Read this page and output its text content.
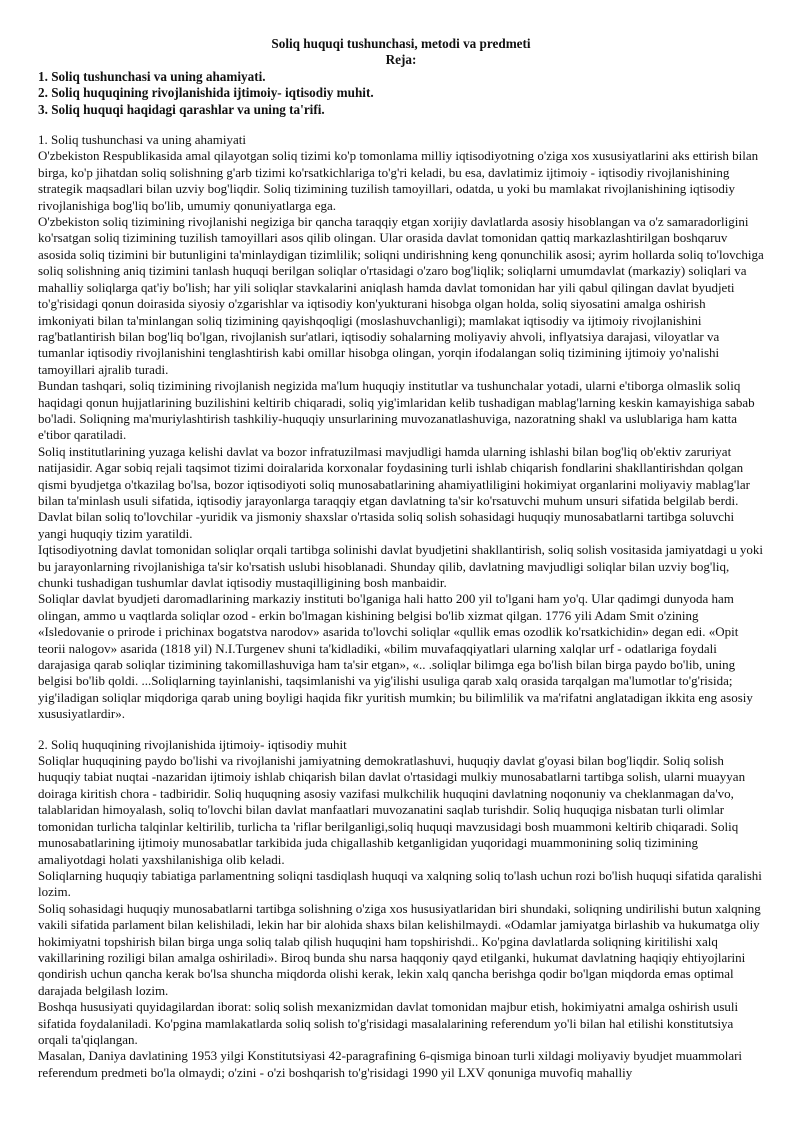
Soliq huquqi tushunchasi, metodi va predmeti

Reja:

1. Soliq tushunchasi va uning ahamiyati.

2. Soliq huquqining rivojlanishida ijtimoiy- iqtisodiy muhit.

3. Soliq huquqi haqidagi qarashlar va uning ta'rifi.

1. Soliq tushunchasi va uning ahamiyati

O'zbekiston Respublikasida amal qilayotgan soliq tizimi ko'p tomonlama milliy iqtisodiyotning o'ziga xos xususiyatlarini aks ettirish bilan birga, ko'p jihatdan soliq solishning g'arb tizimi ko'rsatkichlariga to'g'ri keladi, bu esa, davlatimiz ijtimoiy - iqtisodiy rivojlanishining strategik maqsadlari bilan uzviy bog'liqdir. Soliq tizimining tuzilish tamoyillari, odatda, u yoki bu mamlakat rivojlanishining iqtisodiy rivojlanishiga bog'liq bo'lib, umumiy qonuniyatlarga ega.

O'zbekiston soliq tizimining rivojlanishi negiziga bir qancha taraqqiy etgan xorijiy davlatlarda asosiy hisoblangan va o'z samaradorligini ko'rsatgan soliq tizimining tuzilish tamoyillari asos qilib olingan. Ular orasida davlat tomonidan qattiq markazlashtirilgan boshqaruv asosida soliq tizimini bir butunligini ta'minlaydigan tizimlilik; soliqni undirishning keng qonunchilik asosi; ayrim hollarda soliq to'lovchiga soliq solishning aniq tizimini tanlash huquqi berilgan soliqlar o'rtasidagi o'zaro bog'liqlik; soliqlarni umumdavlat (markaziy) soliqlari va mahalliy soliqlarga qat'iy bo'lish; har yili soliqlar stavkalarini aniqlash hamda davlat tomonidan har yili qabul qilingan davlat byudjeti to'g'risidagi qonun doirasida siyosiy o'zgarishlar va iqtisodiy kon'yukturani hisobga olgan holda, soliq siyosatini amalga oshirish imkoniyati bilan ta'minlangan soliq tizimining qayishqoqligi (moslashuvchanligi); mamlakat iqtisodiy va ijtimoiy rivojlanishini rag'batlantirish bilan bog'liq bo'lgan, rivojlanish sur'atlari, iqtisodiy sohalarning moliyaviy ahvoli, inflyatsiya darajasi, viloyatlar va tumanlar iqtisodiy rivojlanishini tenglashtirish kabi omillar hisobga olingan, yorqin ifodalangan soliq tizimining ijtimoiy yo'nalishi tamoyillari ajralib turadi.

Bundan tashqari, soliq tizimining rivojlanish negizida ma'lum huquqiy institutlar va tushunchalar yotadi, ularni e'tiborga olmaslik soliq haqidagi qonun hujjatlarining buzilishini keltirib chiqaradi, soliq yig'imlaridan kelib tushadigan mablag'larning keskin kamayishiga sabab bo'ladi. Soliqning ma'muriylashtirish tashkiliy-huquqiy unsurlarining muvozanatlashuviga, nazoratning shakl va uslublariga ham katta e'tibor qaratiladi.

Soliq institutlarining yuzaga kelishi davlat va bozor infratuzilmasi mavjudligi hamda ularning ishlashi bilan bog'liq ob'ektiv zaruriyat natijasidir. Agar sobiq rejali taqsimot tizimi doiralarida korxonalar foydasining turli ishlab chiqarish fondlarini shakllantirishdan qolgan qismi byudjetga o'tkazilag bo'lsa, bozor iqtisodiyoti soliq munosabatlarining ahamiyatliligini hokimiyat organlarini moliyaviy mablag'lar bilan ta'minlash usuli sifatida, iqtisodiy jarayonlarga taraqqiy etgan davlatning ta'sir ko'rsatuvchi muhum unsuri sifatida belgilab berdi. Davlat bilan soliq to'lovchilar -yuridik va jismoniy shaxslar o'rtasida soliq solish sohasidagi huquqiy munosabatlarni tartibga soluvchi yangi huquqiy tizim yaratildi.

Iqtisodiyotning davlat tomonidan soliqlar orqali tartibga solinishi davlat byudjetini shakllantirish, soliq solish vositasida jamiyatdagi u yoki bu jarayonlarning rivojlanishiga ta'sir ko'rsatish uslubi hisoblanadi. Shunday qilib, davlatning mavjudligi soliqlar bilan uzviy bog'liq, chunki tushadigan tushumlar davlat iqtisodiy mustaqilligining bosh manbaidir.

Soliqlar davlat byudjeti daromadlarining markaziy instituti bo'lganiga hali hatto 200 yil to'lgani ham yo'q. Ular qadimgi dunyoda ham olingan, ammo u vaqtlarda soliqlar ozod - erkin bo'lmagan kishining belgisi bo'lib xizmat qilgan. 1776 yili Adam Smit o'zining «Isledovanie o prirode i prichinax bogatstva narodov» asarida to'lovchi soliqlar «qullik emas ozodlik ko'rsatkichidin» degan edi. «Opit teorii nalogov» asarida (1818 yil) N.I.Turgenev shuni ta'kidladiki, «bilim muvafaqqiyatlari ularning xalqlar urf - odatlariga foydali darajasiga qarab soliqlar tizimining takomillashuviga ham ta'sir etgan», «.. .soliqlar bilimga ega bo'lish bilan birga paydo bo'lib, uning belgisi bo'lib qoldi. ...Soliqlarning tayinlanishi, taqsimlanishi va yig'ilishi usuliga qarab xalq orasida tarqalgan ma'lumotlar to'g'risida; yig'iladigan soliqlar miqdoriga qarab uning boyligi haqida fikr yuritish mumkin; bu bilimlilik va ma'rifatni anglatadigan ikkita eng asosiy xususiyatlardir».

2. Soliq huquqining rivojlanishida ijtimoiy- iqtisodiy muhit

Soliqlar huquqining paydo bo'lishi va rivojlanishi jamiyatning demokratlashuvi, huquqiy davlat g'oyasi bilan bog'liqdir. Soliq solish huquqiy tabiat nuqtai -nazaridan ijtimoiy ishlab chiqarish bilan davlat o'rtasidagi mulkiy munosabatlarni tartibga solish, ularni muayyan doiraga kiritish chora - tadbiridir. Soliq huquqning asosiy vazifasi mulkchilik huquqini davlatning noqonuniy va cheklanmagan da'vo, talablaridan himoyalash, soliq to'lovchi bilan davlat manfaatlari muvozanatini saqlab turishdir. Soliq huquqiga nisbatan turli olimlar tomonidan turlicha talqinlar keltirilib, turlicha ta 'riflar berilganligi,soliq huquqi mavzusidagi bosh muammoni keltirib chiqaradi. Soliq munosabatlarining ijtimoiy munosabatlar tarkibida juda chigallashib ketganligidan yuqoridagi muammonining soliq tizimining amaliyotdagi holati yaxshilanishiga olib keladi.

Soliqlarning huquqiy tabiatiga parlamentning soliqni tasdiqlash huquqi va xalqning soliq to'lash uchun rozi bo'lish huquqi sifatida qaralishi lozim.

Soliq sohasidagi huquqiy munosabatlarni tartibga solishning o'ziga xos hususiyatlaridan biri shundaki, soliqning undirilishi butun xalqning vakili sifatida parlament bilan kelishiladi, lekin har bir alohida shaxs bilan kelishilmaydi. «Odamlar jamiyatga birlashib va hukumatga oliy hokimiyatni topshirish bilan birga unga soliq talab qilish huquqini ham topshirishdi.. Ko'pgina davlatlarda soliqning kiritilishi xalq vakillarining roziligi bilan amalga oshiriladi». Biroq bunda shu narsa haqqoniy qayd etilganki, hukumat davlatning haqiqiy ehtiyojlarini qondirish uchun qancha kerak bo'lsa shuncha miqdorda olishi kerak, lekin xalq qancha berishga qodir bo'lgan miqdorda emas optimal darajada belgilash lozim.

Boshqa hususiyati quyidagilardan iborat: soliq solish mexanizmidan davlat tomonidan majbur etish, hokimiyatni amalga oshirish usuli sifatida foydalaniladi. Ko'pgina mamlakatlarda soliq solish to'g'risidagi masalalarining referendum yo'li bilan hal etilishi konstitutsiya orqali ta'qiqlangan.

Masalan, Daniya davlatining 1953 yilgi Konstitutsiyasi 42-paragrafining 6-qismiga binoan turli xildagi moliyaviy byudjet muammolari referendum predmeti bo'la olmaydi; o'zini - o'zi boshqarish to'g'risidagi 1990 yil LXV qonuniga muvofiq mahalliy
